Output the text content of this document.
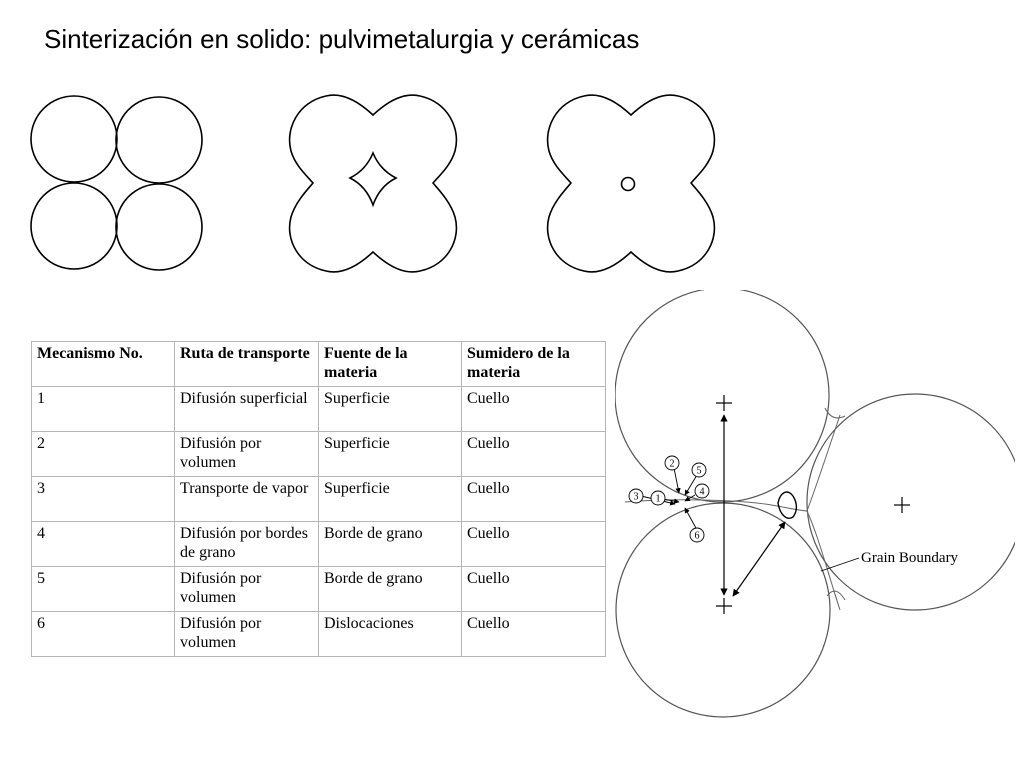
Sinterización en solido: pulvimetalurgia y cerámicas
Mecanismo No.	Ruta de transporte	Fuente de la materia	Sumidero de la materia
1	Difusión superficial	Superficie	Cuello
2	Difusión por volumen	Superficie	Cuello
3	Transporte de vapor	Superficie	Cuello
4	Difusión por bordes de grano	Borde de grano	Cuello
5	Difusión por volumen	Borde de grano	Cuello
6	Difusión por volumen	Dislocaciones	Cuello
1
2
3	4
5
6
Grain Boundary
